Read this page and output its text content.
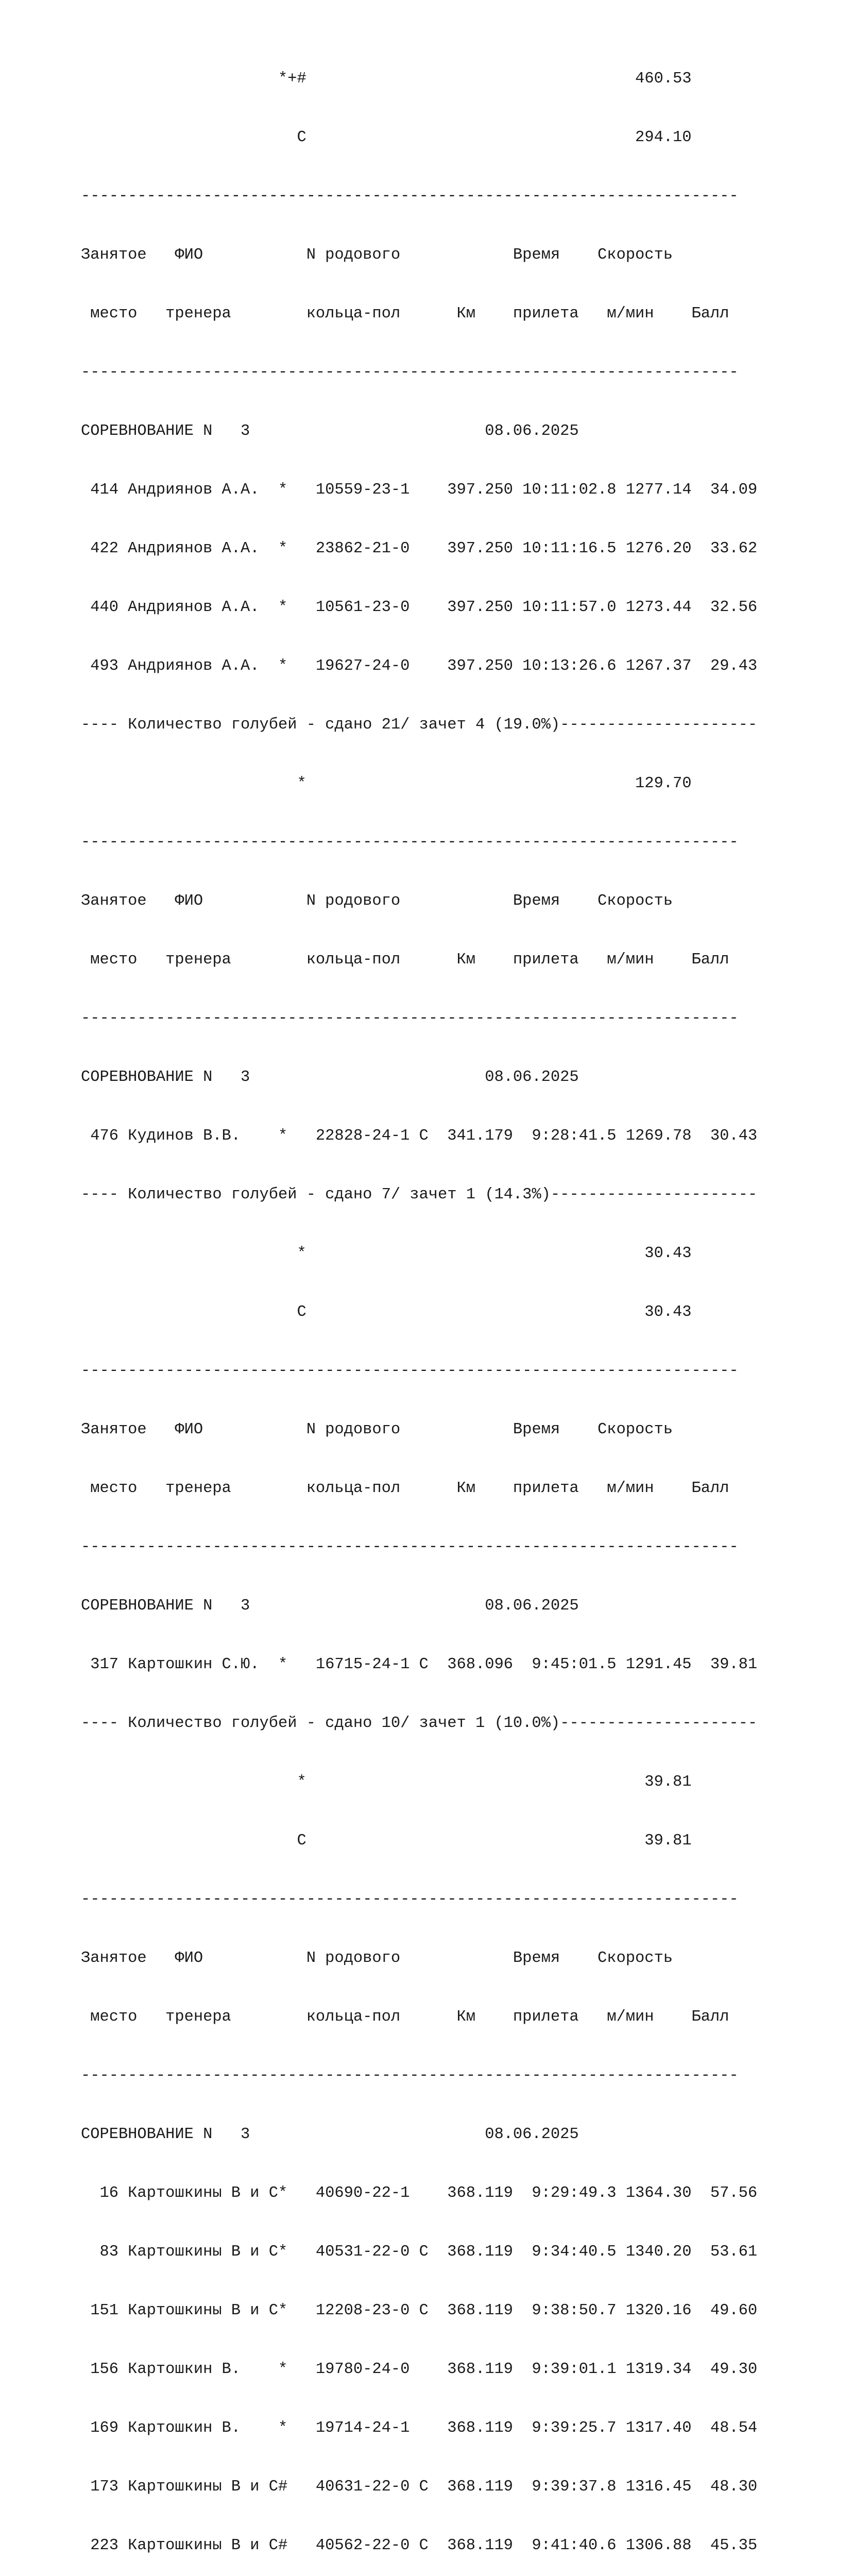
*+#                                   460.53

C                                   294.10

----------------------------------------------------------------------

Занятое   ФИО           N родового            Время    Скорость

место   тренера        кольца-пол      Км    прилета   м/мин    Балл

----------------------------------------------------------------------

СОРЕВНОВАНИЕ N   3                         08.06.2025

414 Андриянов А.А.  *   10559-23-1    397.250 10:11:02.8 1277.14  34.09

422 Андриянов А.А.  *   23862-21-0    397.250 10:11:16.5 1276.20  33.62

440 Андриянов А.А.  *   10561-23-0    397.250 10:11:57.0 1273.44  32.56

493 Андриянов А.А.  *   19627-24-0    397.250 10:13:26.6 1267.37  29.43

---- Количество голубей - сдано 21/ зачет 4 (19.0%)---------------------

*                                   129.70

----------------------------------------------------------------------

Занятое   ФИО           N родового            Время    Скорость

место   тренера        кольца-пол      Км    прилета   м/мин    Балл

----------------------------------------------------------------------

СОРЕВНОВАНИЕ N   3                         08.06.2025

476 Кудинов В.В.    *   22828-24-1 С  341.179  9:28:41.5 1269.78  30.43

---- Количество голубей - сдано 7/ зачет 1 (14.3%)----------------------

*                                    30.43

С                                    30.43

----------------------------------------------------------------------

Занятое   ФИО           N родового            Время    Скорость

место   тренера        кольца-пол      Км    прилета   м/мин    Балл

----------------------------------------------------------------------

СОРЕВНОВАНИЕ N   3                         08.06.2025

317 Картошкин С.Ю.  *   16715-24-1 С  368.096  9:45:01.5 1291.45  39.81

---- Количество голубей - сдано 10/ зачет 1 (10.0%)---------------------

*                                    39.81

С                                    39.81

----------------------------------------------------------------------

Занятое   ФИО           N родового            Время    Скорость

место   тренера        кольца-пол      Км    прилета   м/мин    Балл

----------------------------------------------------------------------

СОРЕВНОВАНИЕ N   3                         08.06.2025

16 Картошкины В и С*   40690-22-1    368.119  9:29:49.3 1364.30  57.56

83 Картошкины В и С*   40531-22-0 С  368.119  9:34:40.5 1340.20  53.61

151 Картошкины В и С*   12208-23-0 С  368.119  9:38:50.7 1320.16  49.60

156 Картошкин В.    *   19780-24-0    368.119  9:39:01.1 1319.34  49.30

169 Картошкин В.    *   19714-24-1    368.119  9:39:25.7 1317.40  48.54

173 Картошкины В и С#   40631-22-0 С  368.119  9:39:37.8 1316.45  48.30

223 Картошкины В и С#   40562-22-0 С  368.119  9:41:40.6 1306.88  45.35
